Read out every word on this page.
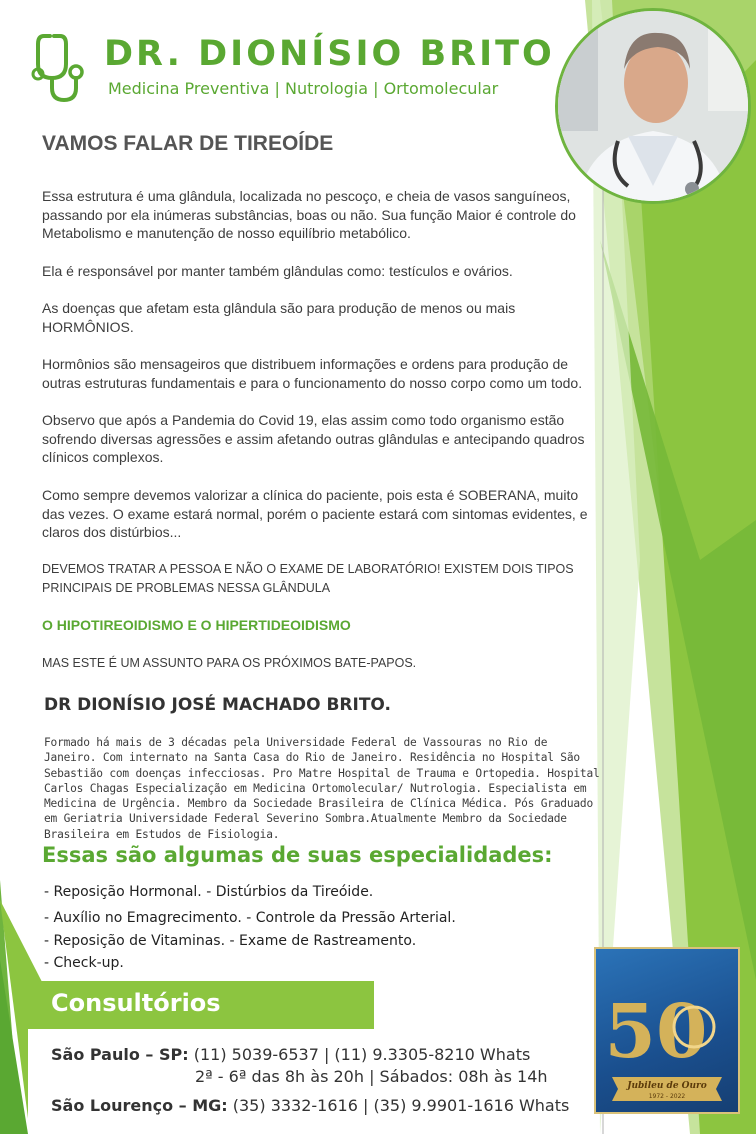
DR. DIONÍSIO BRITO
Medicina Preventiva | Nutrologia | Ortomolecular
VAMOS FALAR DE TIREOÍDE
Essa estrutura é uma glândula, localizada no pescoço, e cheia de vasos sanguíneos, passando por ela inúmeras substâncias, boas ou não. Sua função Maior é controle do Metabolismo e manutenção de nosso equilíbrio metabólico.
Ela é responsável por manter também glândulas como: testículos e ovários.
As doenças que afetam esta glândula são para produção de menos ou mais HORMÔNIOS.
Hormônios são mensageiros que distribuem informações e ordens para produção de outras estruturas fundamentais e para o funcionamento do nosso corpo como um todo.
Observo que após a Pandemia do Covid 19, elas assim como todo organismo estão sofrendo diversas agressões e assim afetando outras glândulas e antecipando quadros clínicos complexos.
Como sempre devemos valorizar a clínica do paciente, pois esta é SOBERANA, muito das vezes. O exame estará normal, porém o paciente estará com sintomas evidentes, e claros dos distúrbios...
DEVEMOS TRATAR A PESSOA E NÃO O EXAME DE LABORATÓRIO! EXISTEM DOIS TIPOS PRINCIPAIS DE PROBLEMAS NESSA GLÂNDULA
O HIPOTIREOIDISMO E O HIPERTIDEOIDISMO
MAS ESTE É UM ASSUNTO PARA OS PRÓXIMOS BATE-PAPOS.
DR DIONÍSIO JOSÉ MACHADO BRITO.
Formado há mais de 3 décadas pela Universidade Federal de Vassouras no Rio de Janeiro. Com internato na Santa Casa do Rio de Janeiro. Residência no Hospital São Sebastião com doenças infecciosas. Pro Matre Hospital de Trauma e Ortopedia. Hospital Carlos Chagas Especialização em Medicina Ortomolecular/ Nutrologia. Especialista em Medicina de Urgência. Membro da Sociedade Brasileira de Clínica Médica. Pós Graduado em Geriatria Universidade Federal Severino Sombra.Atualmente Membro da Sociedade Brasileira em Estudos de Fisiologia.
Essas são algumas de suas especialidades:
- Reposição Hormonal. - Distúrbios da Tireóide.
- Auxílio no Emagrecimento. - Controle da Pressão Arterial.
- Reposição de Vitaminas. - Exame de Rastreamento.
- Check-up.
Consultórios
São Paulo – SP: (11) 5039-6537 | (11) 9.3305-8210 Whats
2ª - 6ª das 8h às 20h | Sábados: 08h às 14h
São Lourenço – MG: (35) 3332-1616 | (35) 9.9901-1616 Whats
50
Jubileu de Ouro
1972 - 2022
